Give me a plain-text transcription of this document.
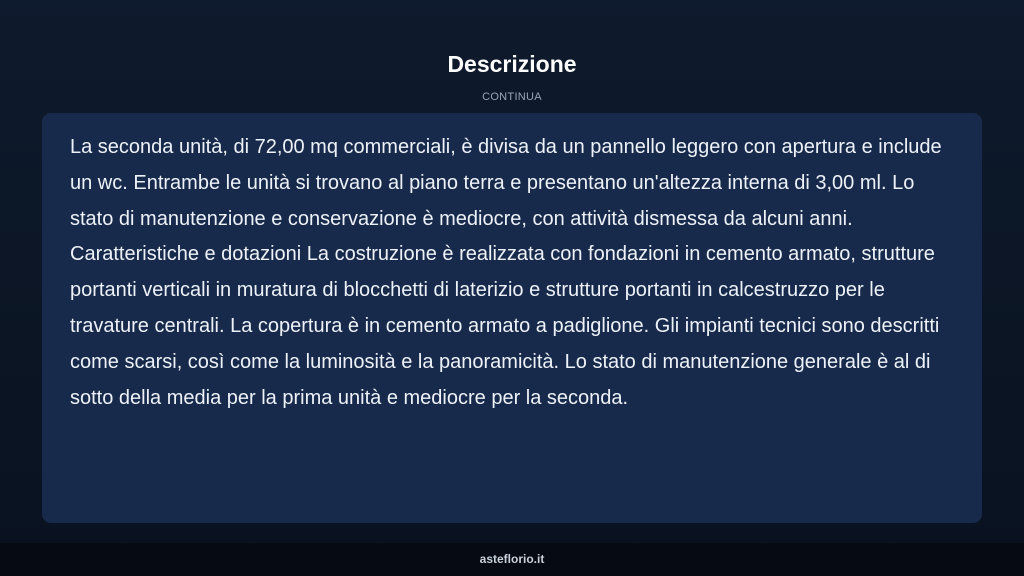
Descrizione
CONTINUA

La seconda unità, di 72,00 mq commerciali, è divisa da un pannello leggero con apertura e include un wc. Entrambe le unità si trovano al piano terra e presentano un'altezza interna di 3,00 ml. Lo stato di manutenzione e conservazione è mediocre, con attività dismessa da alcuni anni. Caratteristiche e dotazioni La costruzione è realizzata con fondazioni in cemento armato, strutture portanti verticali in muratura di blocchetti di laterizio e strutture portanti in calcestruzzo per le travature centrali. La copertura è in cemento armato a padiglione. Gli impianti tecnici sono descritti come scarsi, così come la luminosità e la panoramicità. Lo stato di manutenzione generale è al di sotto della media per la prima unità e mediocre per la seconda.

asteflorio.it
